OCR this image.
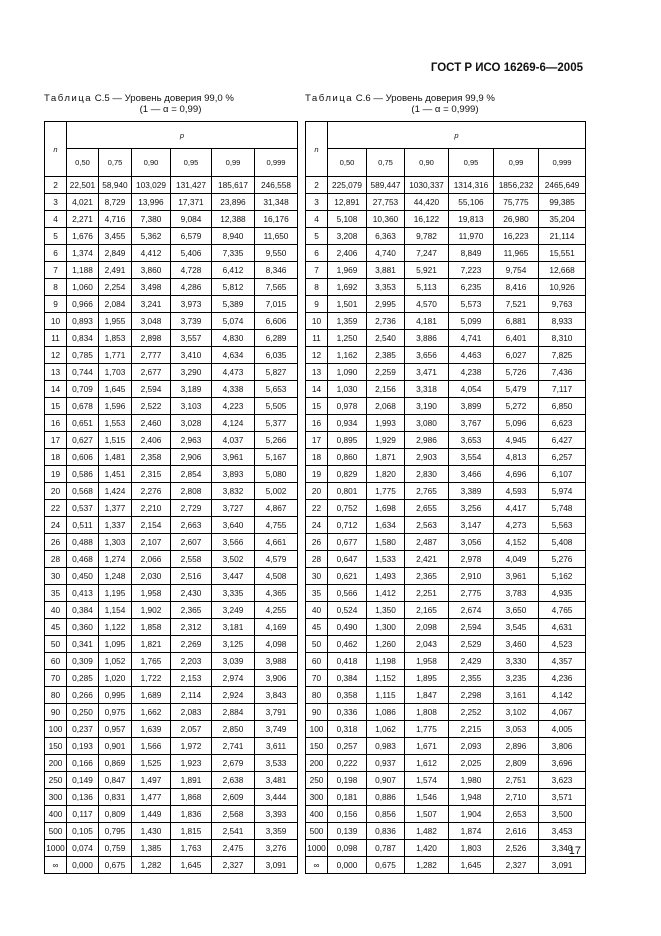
ГОСТ Р ИСО 16269-6—2005
Таблица С.5 — Уровень доверия 99,0 %
(1 — α = 0,99)
n	p					
	0,50	0,75	0,90	0,95	0,99	0,999
2	22,501	58,940	103,029	131,427	185,617	246,558
3	4,021	8,729	13,996	17,371	23,896	31,348
4	2,271	4,716	7,380	9,084	12,388	16,176
5	1,676	3,455	5,362	6,579	8,940	11,650
6	1,374	2,849	4,412	5,406	7,335	9,550
7	1,188	2,491	3,860	4,728	6,412	8,346
8	1,060	2,254	3,498	4,286	5,812	7,565
9	0,966	2,084	3,241	3,973	5,389	7,015
10	0,893	1,955	3,048	3,739	5,074	6,606
11	0,834	1,853	2,898	3,557	4,830	6,289
12	0,785	1,771	2,777	3,410	4,634	6,035
13	0,744	1,703	2,677	3,290	4,473	5,827
14	0,709	1,645	2,594	3,189	4,338	5,653
15	0,678	1,596	2,522	3,103	4,223	5,505
16	0,651	1,553	2,460	3,028	4,124	5,377
17	0,627	1,515	2,406	2,963	4,037	5,266
18	0,606	1,481	2,358	2,906	3,961	5,167
19	0,586	1,451	2,315	2,854	3,893	5,080
20	0,568	1,424	2,276	2,808	3,832	5,002
22	0,537	1,377	2,210	2,729	3,727	4,867
24	0,511	1,337	2,154	2,663	3,640	4,755
26	0,488	1,303	2,107	2,607	3,566	4,661
28	0,468	1,274	2,066	2,558	3,502	4,579
30	0,450	1,248	2,030	2,516	3,447	4,508
35	0,413	1,195	1,958	2,430	3,335	4,365
40	0,384	1,154	1,902	2,365	3,249	4,255
45	0,360	1,122	1,858	2,312	3,181	4,169
50	0,341	1,095	1,821	2,269	3,125	4,098
60	0,309	1,052	1,765	2,203	3,039	3,988
70	0,285	1,020	1,722	2,153	2,974	3,906
80	0,266	0,995	1,689	2,114	2,924	3,843
90	0,250	0,975	1,662	2,083	2,884	3,791
100	0,237	0,957	1,639	2,057	2,850	3,749
150	0,193	0,901	1,566	1,972	2,741	3,611
200	0,166	0,869	1,525	1,923	2,679	3,533
250	0,149	0,847	1,497	1,891	2,638	3,481
300	0,136	0,831	1,477	1,868	2,609	3,444
400	0,117	0,809	1,449	1,836	2,568	3,393
500	0,105	0,795	1,430	1,815	2,541	3,359
1000	0,074	0,759	1,385	1,763	2,475	3,276
∞	0,000	0,675	1,282	1,645	2,327	3,091
Таблица С.6 — Уровень доверия 99,9 %
(1 — α = 0,999)
n	p					
	0,50	0,75	0,90	0,95	0,99	0,999
2	225,079	589,447	1030,337	1314,316	1856,232	2465,649
3	12,891	27,753	44,420	55,106	75,775	99,385
4	5,108	10,360	16,122	19,813	26,980	35,204
5	3,208	6,363	9,782	11,970	16,223	21,114
6	2,406	4,740	7,247	8,849	11,965	15,551
7	1,969	3,881	5,921	7,223	9,754	12,668
8	1,692	3,353	5,113	6,235	8,416	10,926
9	1,501	2,995	4,570	5,573	7,521	9,763
10	1,359	2,736	4,181	5,099	6,881	8,933
11	1,250	2,540	3,886	4,741	6,401	8,310
12	1,162	2,385	3,656	4,463	6,027	7,825
13	1,090	2,259	3,471	4,238	5,726	7,436
14	1,030	2,156	3,318	4,054	5,479	7,117
15	0,978	2,068	3,190	3,899	5,272	6,850
16	0,934	1,993	3,080	3,767	5,096	6,623
17	0,895	1,929	2,986	3,653	4,945	6,427
18	0,860	1,871	2,903	3,554	4,813	6,257
19	0,829	1,820	2,830	3,466	4,696	6,107
20	0,801	1,775	2,765	3,389	4,593	5,974
22	0,752	1,698	2,655	3,256	4,417	5,748
24	0,712	1,634	2,563	3,147	4,273	5,563
26	0,677	1,580	2,487	3,056	4,152	5,408
28	0,647	1,533	2,421	2,978	4,049	5,276
30	0,621	1,493	2,365	2,910	3,961	5,162
35	0,566	1,412	2,251	2,775	3,783	4,935
40	0,524	1,350	2,165	2,674	3,650	4,765
45	0,490	1,300	2,098	2,594	3,545	4,631
50	0,462	1,260	2,043	2,529	3,460	4,523
60	0,418	1,198	1,958	2,429	3,330	4,357
70	0,384	1,152	1,895	2,355	3,235	4,236
80	0,358	1,115	1,847	2,298	3,161	4,142
90	0,336	1,086	1,808	2,252	3,102	4,067
100	0,318	1,062	1,775	2,215	3,053	4,005
150	0,257	0,983	1,671	2,093	2,896	3,806
200	0,222	0,937	1,612	2,025	2,809	3,696
250	0,198	0,907	1,574	1,980	2,751	3,623
300	0,181	0,886	1,546	1,948	2,710	3,571
400	0,156	0,856	1,507	1,904	2,653	3,500
500	0,139	0,836	1,482	1,874	2,616	3,453
1000	0,098	0,787	1,420	1,803	2,526	3,340
∞	0,000	0,675	1,282	1,645	2,327	3,091
17
